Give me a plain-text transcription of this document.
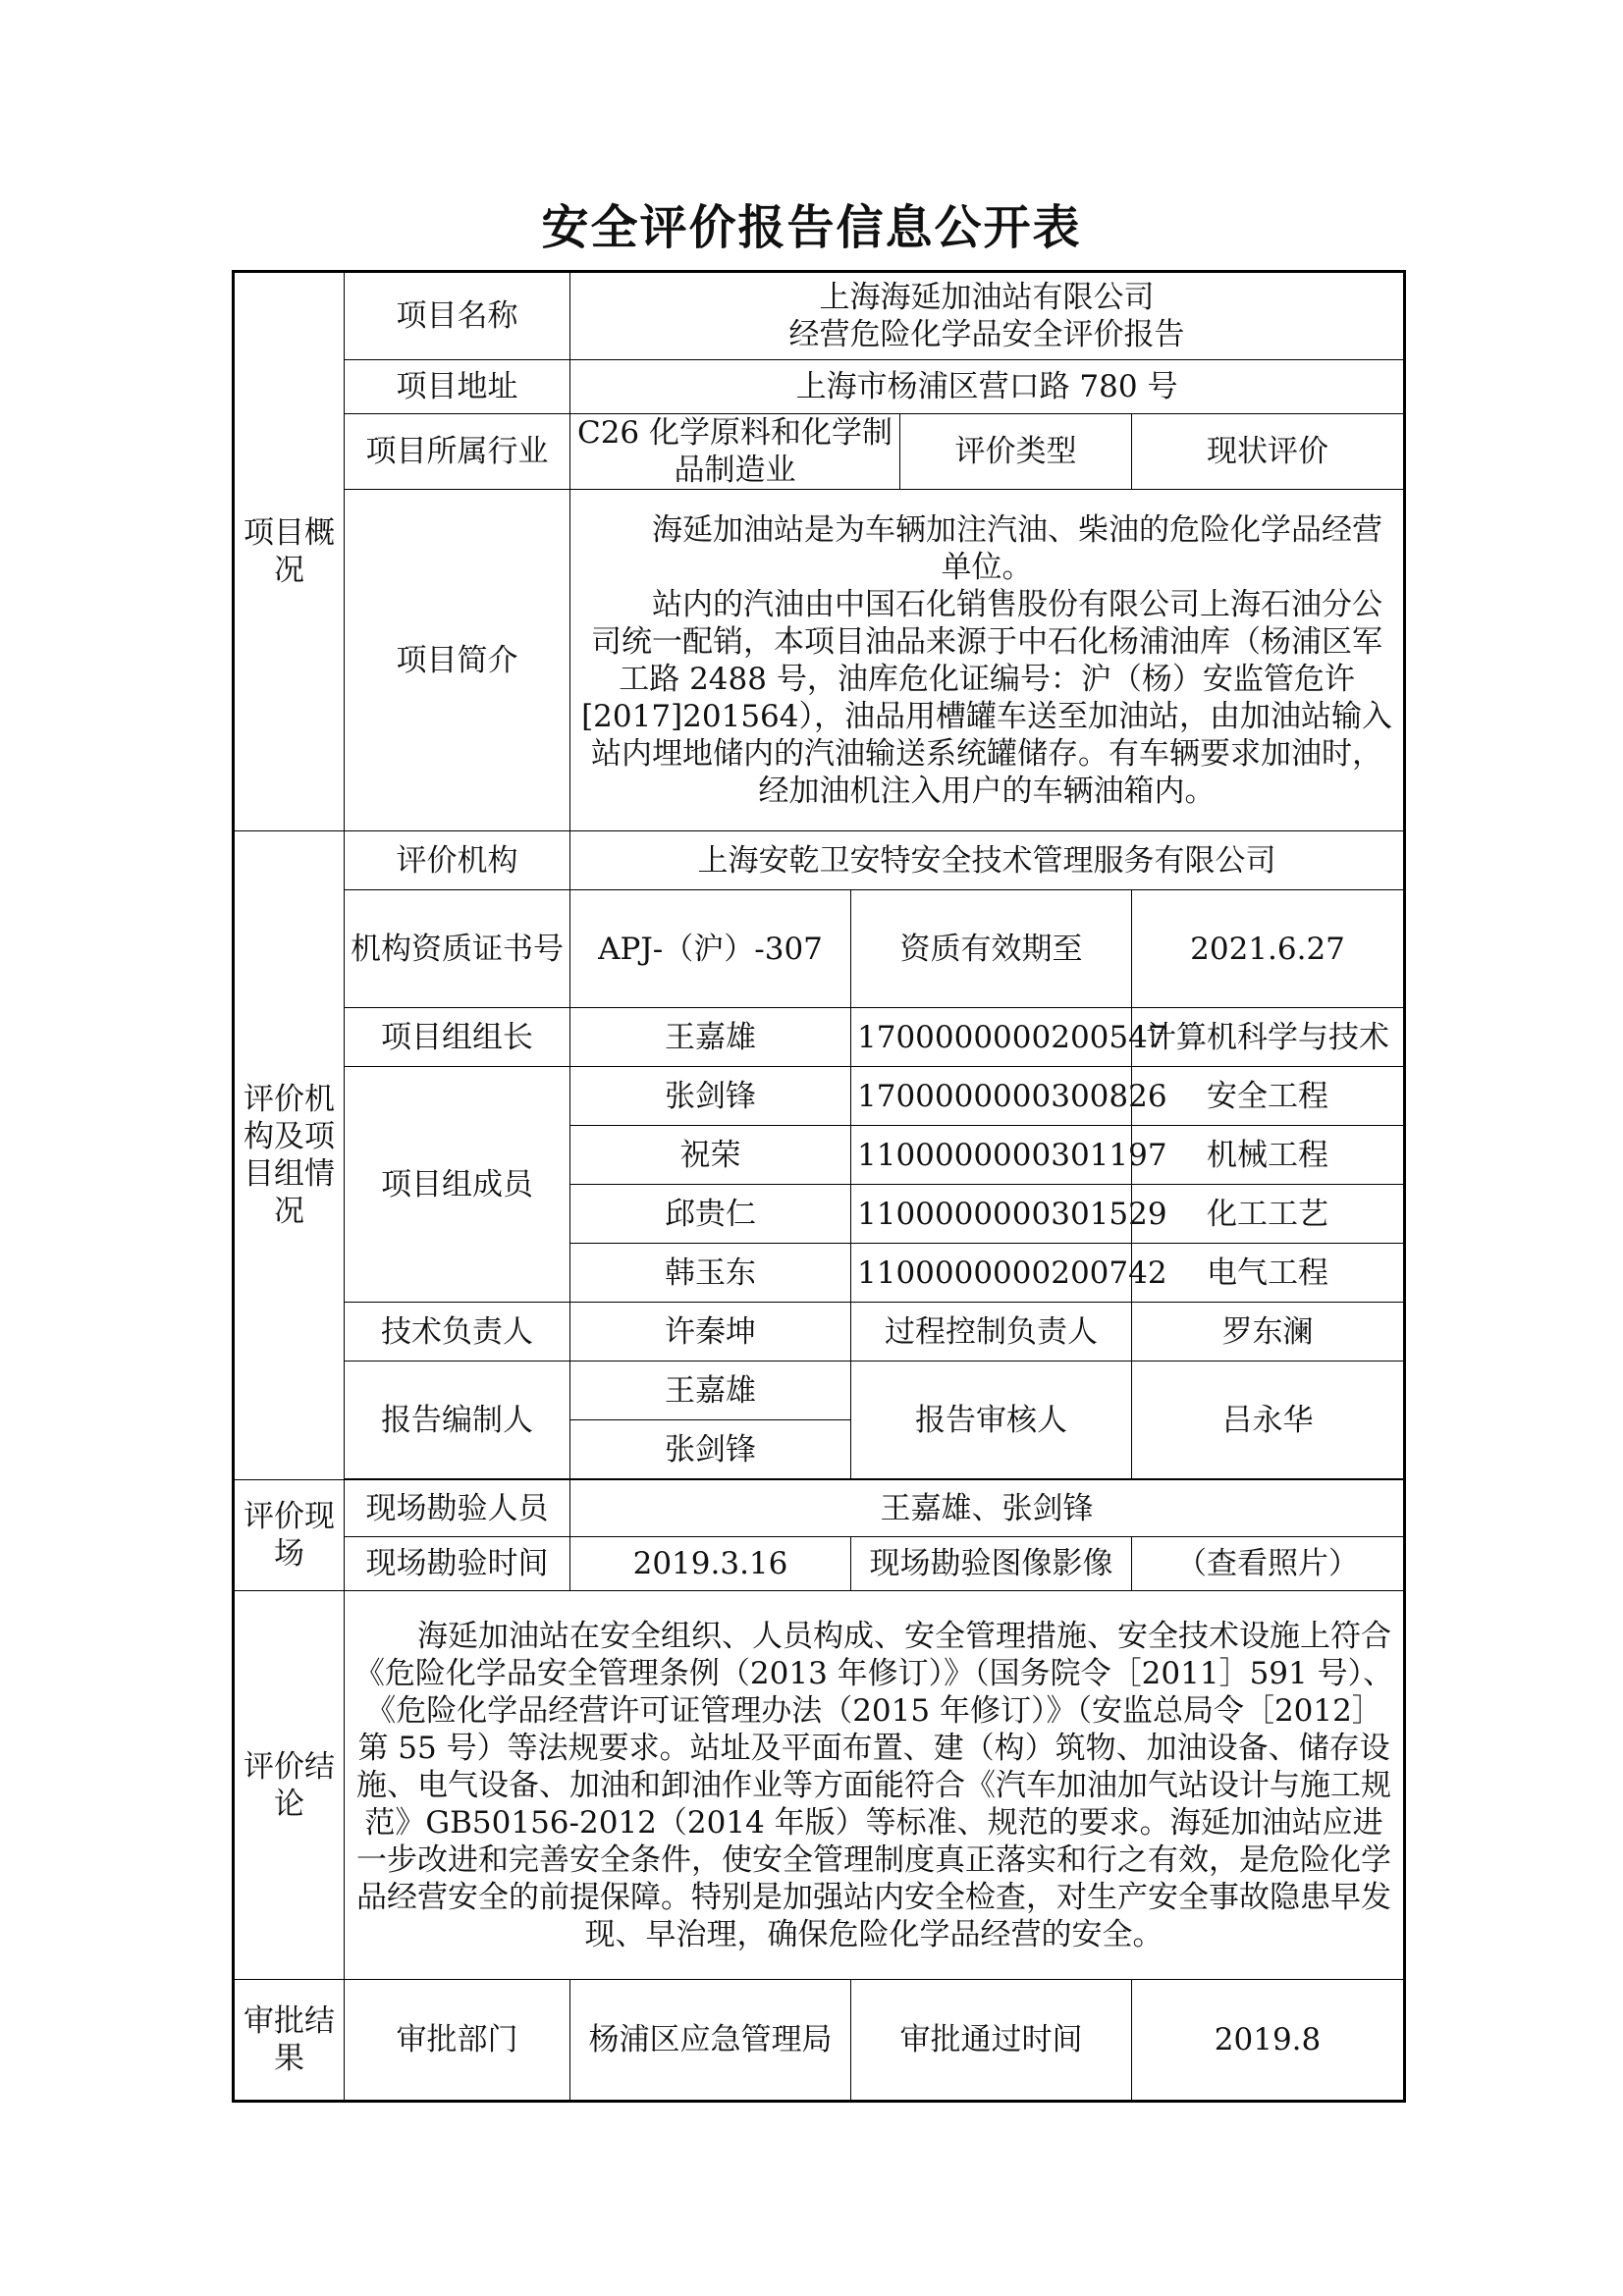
安全评价报告信息公开表
项目概况	项目名称	上海海延加油站有限公司
经营危险化学品安全评价报告			

	项目地址	上海市杨浦区营口路 780 号			
	项目所属行业	C26 化学原料和化学制品制造业		评价类型	现状评价
	项目简介	海延加油站是为车辆加注汽油、柴油的危险化学品经营单位。

站内的汽油由中国石化销售股份有限公司上海石油分公司统一配销，本项目油品来源于中石化杨浦油库（杨浦区军工路 2488 号，油库危化证编号：沪（杨）安监管危许[2017]201564），油品用槽罐车送至加油站，由加油站输入站内埋地储内的汽油输送系统罐储存。有车辆要求加油时，经加油机注入用户的车辆油箱内。			

评价机构及项目组情况	评价机构	上海安乾卫安特安全技术管理服务有限公司			
	机构资质证书号	APJ-（沪）-307	资质有效期至		2021.6.27
	项目组组长	王嘉雄	1700000000200547		计算机科学与技术
	项目组成员	张剑锋	1700000000300826		安全工程
		祝荣	1100000000301197		机械工程
		邱贵仁	1100000000301529		化工工艺
		韩玉东	1100000000200742		电气工程
	技术负责人	许秦坤	过程控制负责人		罗东澜
	报告编制人	王嘉雄	报告审核人		吕永华
		张剑锋			

评价现场	现场勘验人员	王嘉雄、张剑锋			
	现场勘验时间	2019.3.16	现场勘验图像影像		（查看照片）
评价结论	海延加油站在安全组织、人员构成、安全管理措施、安全技术设施上符合《危险化学品安全管理条例（2013 年修订）》（国务院令［2011］591 号）、《危险化学品经营许可证管理办法（2015 年修订）》（安监总局令［2012］第 55 号）等法规要求。站址及平面布置、建（构）筑物、加油设备、储存设施、电气设备、加油和卸油作业等方面能符合《汽车加油加气站设计与施工规范》GB50156-2012（2014 年版）等标准、规范的要求。海延加油站应进一步改进和完善安全条件，使安全管理制度真正落实和行之有效，是危险化学品经营安全的前提保障。特别是加强站内安全检查，对生产安全事故隐患早发现、早治理，确保危险化学品经营的安全。				

审批结果	审批部门	杨浦区应急管理局	审批通过时间		2019.8
